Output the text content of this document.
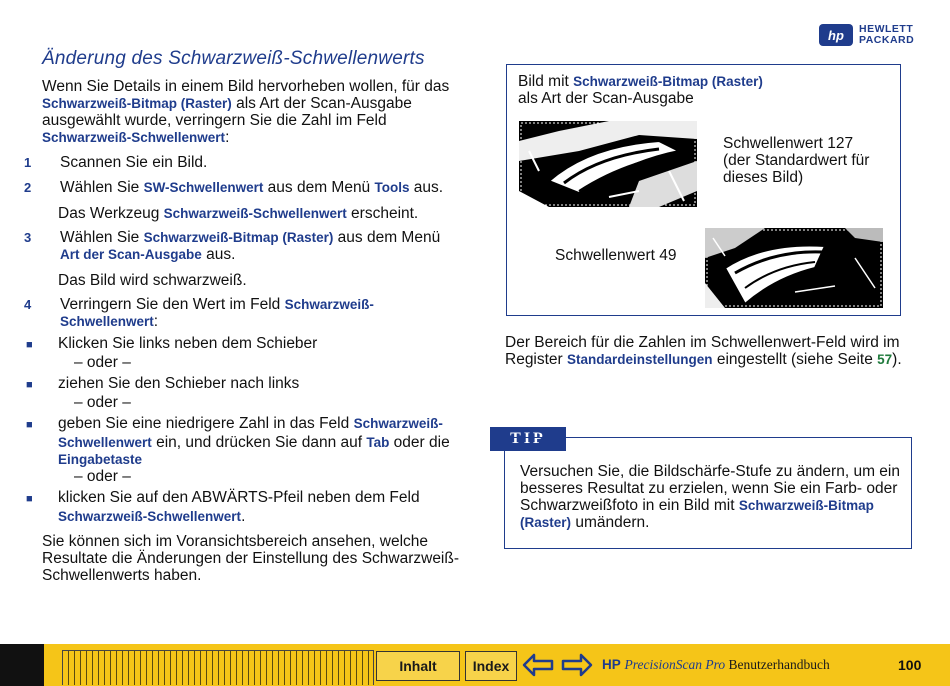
hp	HEWLETT
PACKARD
Änderung des Schwarzweiß-Schwellenwerts
Wenn Sie Details in einem Bild hervorheben wollen, für das Schwarzweiß-Bitmap (Raster) als Art der Scan-Ausgabe ausgewählt wurde, verringern Sie die Zahl im Feld Schwarzweiß-Schwellenwert:
1 Scannen Sie ein Bild.
2 Wählen Sie SW-Schwellenwert aus dem Menü Tools aus.
Das Werkzeug Schwarzweiß-Schwellenwert erscheint.
3 Wählen Sie Schwarzweiß-Bitmap (Raster) aus dem Menü Art der Scan-Ausgabe aus.
Das Bild wird schwarzweiß.
4 Verringern Sie den Wert im Feld Schwarzweiß-Schwellenwert:
■ Klicken Sie links neben dem Schieber
– oder –
■ ziehen Sie den Schieber nach links
– oder –
■ geben Sie eine niedrigere Zahl in das Feld Schwarzweiß-Schwellenwert ein, und drücken Sie dann auf Tab oder die Eingabetaste
– oder –
■ klicken Sie auf den ABWÄRTS-Pfeil neben dem Feld Schwarzweiß-Schwellenwert.
Sie können sich im Voransichtsbereich ansehen, welche Resultate die Änderungen der Einstellung des Schwarzweiß-Schwellenwerts haben.
Bild mit Schwarzweiß-Bitmap (Raster)
als Art der Scan-Ausgabe
Schwellenwert 127
(der Standardwert für
dieses Bild)
Schwellenwert 49
Der Bereich für die Zahlen im Schwellenwert-Feld wird im Register Standardeinstellungen eingestellt (siehe Seite 57).
TIP
Versuchen Sie, die Bildschärfe-Stufe zu ändern, um ein besseres Resultat zu erzielen, wenn Sie ein Farb- oder Schwarzweißfoto in ein Bild mit Schwarzweiß-Bitmap (Raster) umändern.
Inhalt	Index	HP PrecisionScan Pro Benutzerhandbuch	100
